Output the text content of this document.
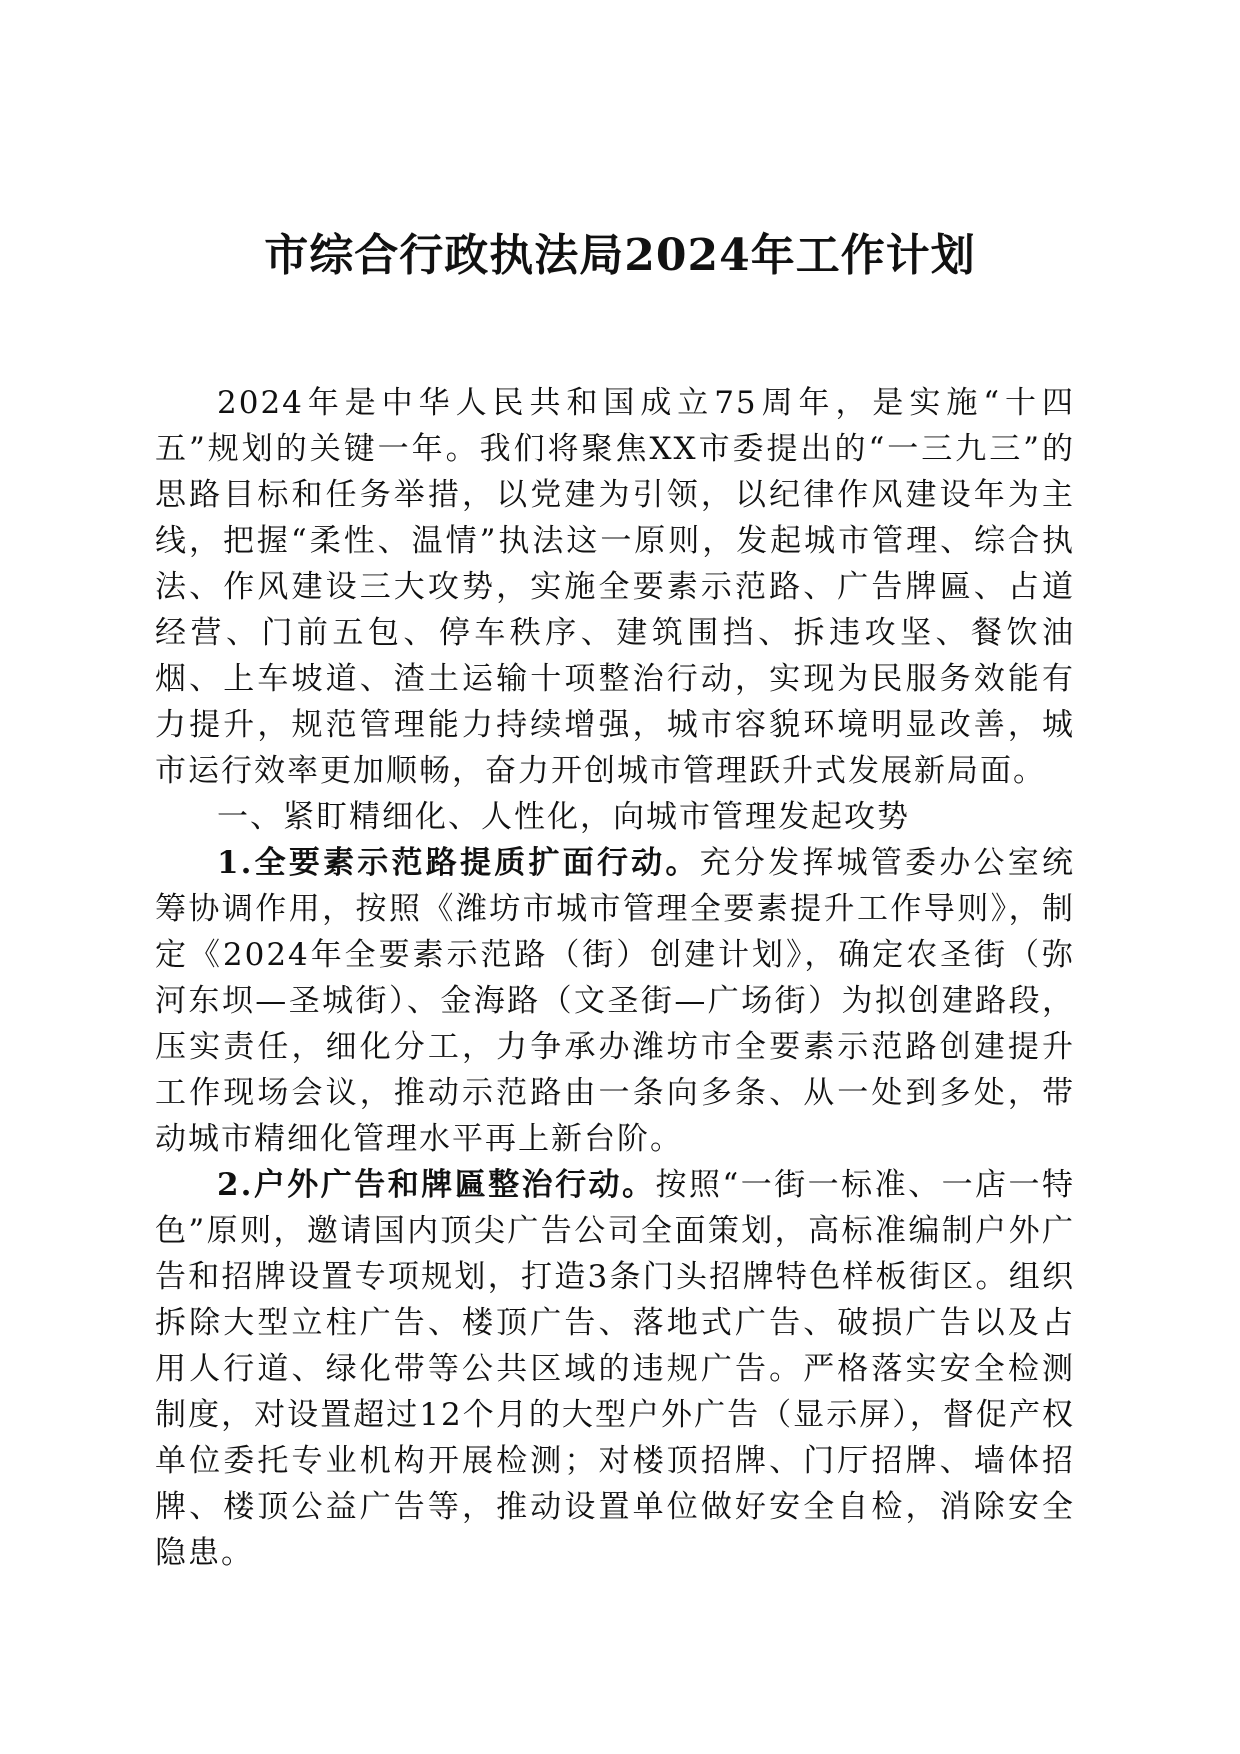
市综合行政执法局2024年工作计划

2024年是中华人民共和国成立75周年，是实施“十四五”规划的关键一年。我们将聚焦XX市委提出的“一三九三”的思路目标和任务举措，以党建为引领，以纪律作风建设年为主线，把握“柔性、温情”执法这一原则，发起城市管理、综合执法、作风建设三大攻势，实施全要素示范路、广告牌匾、占道经营、门前五包、停车秩序、建筑围挡、拆违攻坚、餐饮油烟、上车坡道、渣土运输十项整治行动，实现为民服务效能有力提升，规范管理能力持续增强，城市容貌环境明显改善，城市运行效率更加顺畅，奋力开创城市管理跃升式发展新局面。

一、紧盯精细化、人性化，向城市管理发起攻势

1.全要素示范路提质扩面行动。充分发挥城管委办公室统筹协调作用，按照《潍坊市城市管理全要素提升工作导则》，制定《2024年全要素示范路（街）创建计划》，确定农圣街（弥河东坝—圣城街）、金海路（文圣街—广场街）为拟创建路段，压实责任，细化分工，力争承办潍坊市全要素示范路创建提升工作现场会议，推动示范路由一条向多条、从一处到多处，带动城市精细化管理水平再上新台阶。

2.户外广告和牌匾整治行动。按照“一街一标准、一店一特色”原则，邀请国内顶尖广告公司全面策划，高标准编制户外广告和招牌设置专项规划，打造3条门头招牌特色样板街区。组织拆除大型立柱广告、楼顶广告、落地式广告、破损广告以及占用人行道、绿化带等公共区域的违规广告。严格落实安全检测制度，对设置超过12个月的大型户外广告（显示屏），督促产权单位委托专业机构开展检测；对楼顶招牌、门厅招牌、墙体招牌、楼顶公益广告等，推动设置单位做好安全自检，消除安全隐患。
